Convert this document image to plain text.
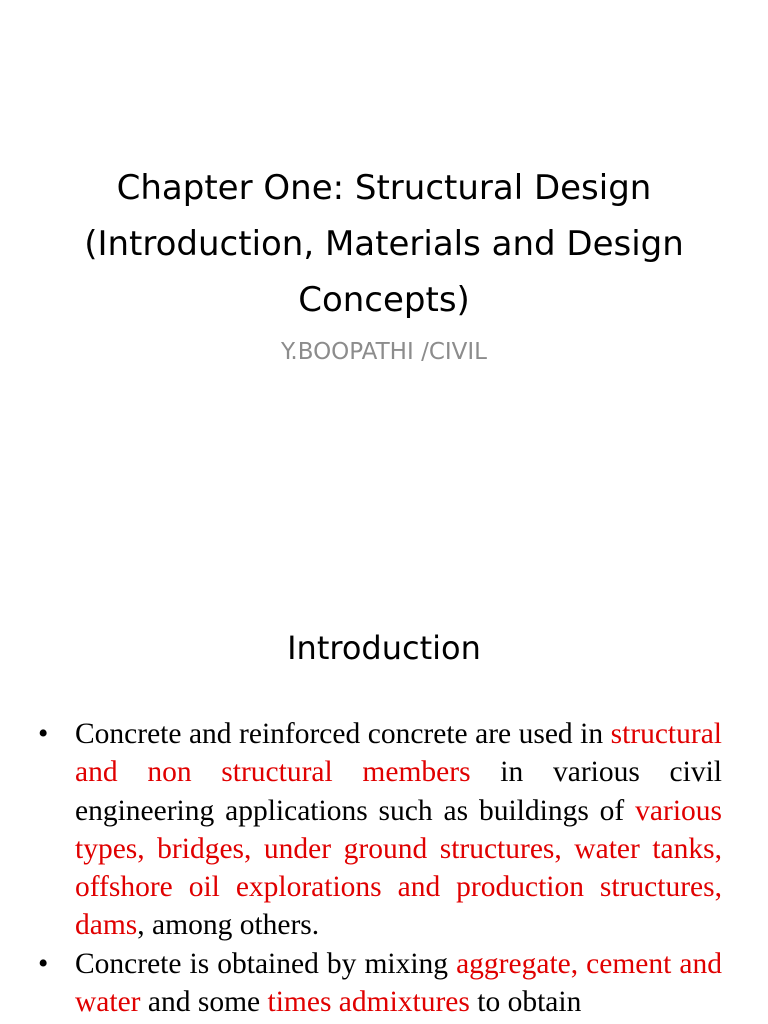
Chapter One: Structural Design (Introduction, Materials and Design Concepts)
Y.BOOPATHI /CIVIL
Introduction
• Concrete and reinforced concrete are used in structural and non structural members in various civil engineering applications such as buildings of various types, bridges, under ground structures, water tanks, offshore oil explorations and production structures, dams, among others.
• Concrete is obtained by mixing aggregate, cement and water and some times admixtures to obtain
